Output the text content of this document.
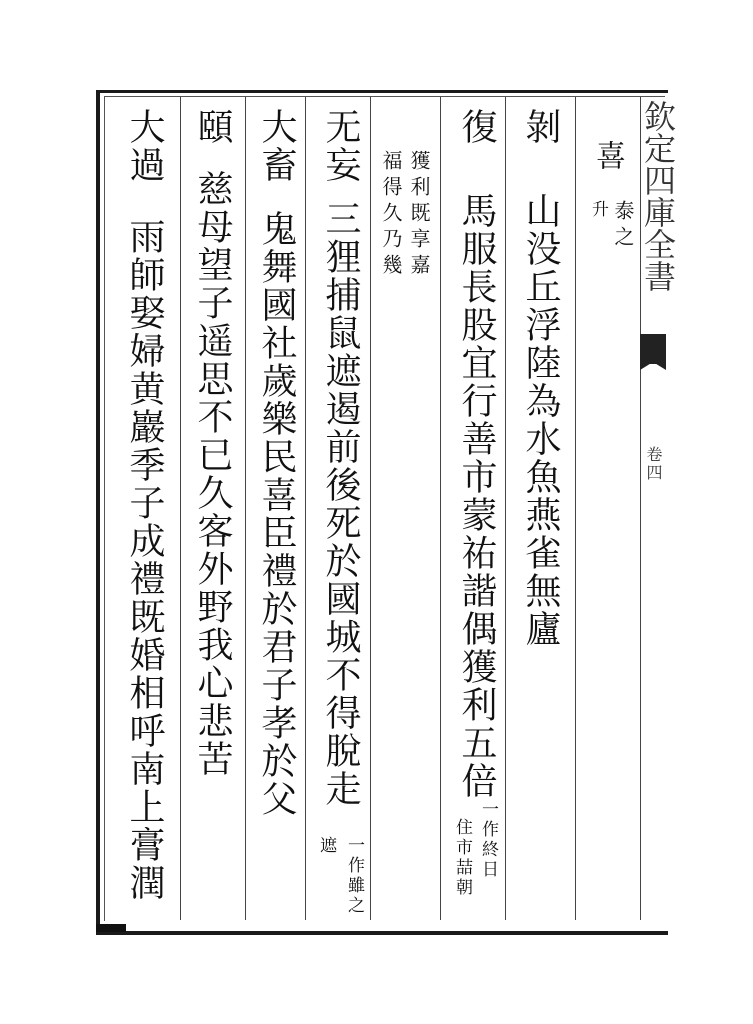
欽定四庫全書
卷四
喜
泰之
升
剝
山没丘浮陸為水魚燕雀無廬
復
馬服長股宜行善市蒙祐諧偶獲利五倍
一作終日
住市喆朝
獲利既享嘉
福得久乃幾
无妄
三狸捕鼠遮遏前後死於國城不得脫走
一作雖之
遮
大畜
鬼舞國社歲樂民喜臣禮於君子孝於父
頤
慈母望子遥思不已久客外野我心悲苦
大過
雨師娶婦黄巖季子成禮既婚相呼南上膏潤
